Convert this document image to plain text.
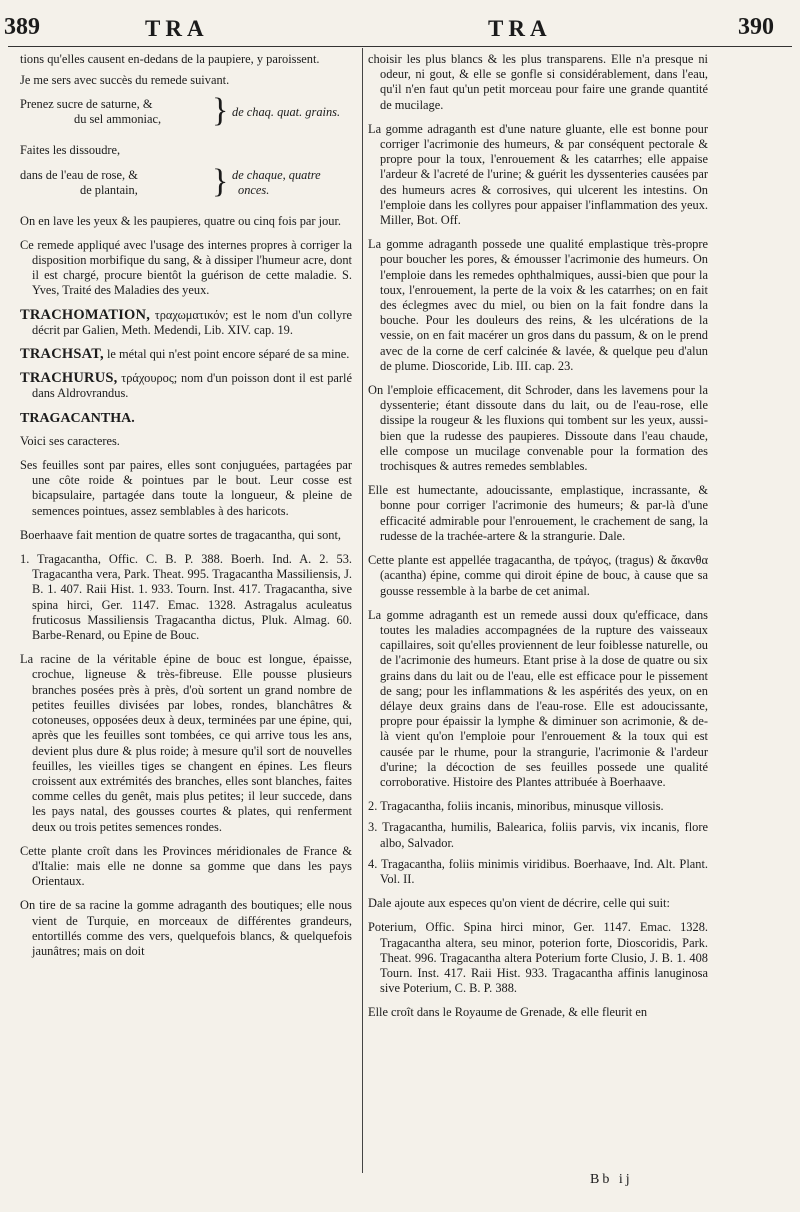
389	TRA	TRA	390

tions qu'elles causent en-dedans de la paupiere, y paroissent.

Je me sers avec succès du remede suivant.

Prenez sucre de saturne, &
du sel ammoniac,	} de chaq. quat. grains.

Faites les dissoudre,

dans de l'eau de rose, &
de plantain,	} de chaque, quatre
onces.

On en lave les yeux & les paupieres, quatre ou cinq fois par jour.

Ce remede appliqué avec l'usage des internes propres à corriger la disposition morbifique du sang, & à dissiper l'humeur acre, dont il est chargé, procure bientôt la guérison de cette maladie. S. Yves, Traité des Maladies des yeux.

TRACHOMATION, τραχωματικόν; est le nom d'un collyre décrit par Galien, Meth. Medendi, Lib. XIV. cap. 19.

TRACHSAT, le métal qui n'est point encore séparé de sa mine.

TRACHURUS, τράχουρος; nom d'un poisson dont il est parlé dans Aldrovrandus.

TRAGACANTHA.

Voici ses caracteres.

Ses feuilles sont par paires, elles sont conjuguées, partagées par une côte roide & pointues par le bout. Leur cosse est bicapsulaire, partagée dans toute la longueur, & pleine de semences pointues, assez semblables à des haricots.

Boerhaave fait mention de quatre sortes de tragacantha, qui sont,

1. Tragacantha, Offic. C. B. P. 388. Boerh. Ind. A. 2. 53. Tragacantha vera, Park. Theat. 995. Tragacantha Massiliensis, J. B. 1. 407. Raii Hist. 1. 933. Tourn. Inst. 417. Tragacantha, sive spina hirci, Ger. 1147. Emac. 1328. Astragalus aculeatus fruticosus Massiliensis Tragacantha dictus, Pluk. Almag. 60. Barbe-Renard, ou Epine de Bouc.

La racine de la véritable épine de bouc est longue, épaisse, crochue, ligneuse & très-fibreuse. Elle pousse plusieurs branches posées près à près, d'où sortent un grand nombre de petites feuilles divisées par lobes, rondes, blanchâtres & cotoneuses, opposées deux à deux, terminées par une épine, qui, après que les feuilles sont tombées, ce qui arrive tous les ans, devient plus dure & plus roide; à mesure qu'il sort de nouvelles feuilles, les vieilles tiges se changent en épines. Les fleurs croissent aux extrémités des branches, elles sont blanches, faites comme celles du genêt, mais plus petites; il leur succede, dans les pays natal, des gousses courtes & plates, qui renferment deux ou trois petites semences rondes.

Cette plante croît dans les Provinces méridionales de France & d'Italie: mais elle ne donne sa gomme que dans les pays Orientaux.

On tire de sa racine la gomme adraganth des boutiques; elle nous vient de Turquie, en morceaux de différentes grandeurs, entortillés comme des vers, quelquefois blancs, & quelquefois jaunâtres; mais on doit

choisir les plus blancs & les plus transparens. Elle n'a presque ni odeur, ni gout, & elle se gonfle si considérablement, dans l'eau, qu'il n'en faut qu'un petit morceau pour faire une grande quantité de mucilage.

La gomme adraganth est d'une nature gluante, elle est bonne pour corriger l'acrimonie des humeurs, & par conséquent pectorale & propre pour la toux, l'enrouement & les catarrhes; elle appaise l'ardeur & l'acreté de l'urine; & guérit les dyssenteries causées par des humeurs acres & corrosives, qui ulcerent les intestins. On l'emploie dans les collyres pour appaiser l'inflammation des yeux. Miller, Bot. Off.

La gomme adraganth possede une qualité emplastique très-propre pour boucher les pores, & émousser l'acrimonie des humeurs. On l'emploie dans les remedes ophthalmiques, aussi-bien que pour la toux, l'enrouement, la perte de la voix & les catarrhes; on en fait des éclegmes avec du miel, ou bien on la fait fondre dans la bouche. Pour les douleurs des reins, & les ulcérations de la vessie, on en fait macérer un gros dans du passum, & on le prend avec de la corne de cerf calcinée & lavée, & quelque peu d'alun de plume. Dioscoride, Lib. III. cap. 23.

On l'emploie efficacement, dit Schroder, dans les lavemens pour la dyssenterie; étant dissoute dans du lait, ou de l'eau-rose, elle dissipe la rougeur & les fluxions qui tombent sur les yeux, aussi-bien que la rudesse des paupieres. Dissoute dans l'eau chaude, elle compose un mucilage convenable pour la formation des trochisques & autres remedes semblables.

Elle est humectante, adoucissante, emplastique, incrassante, & bonne pour corriger l'acrimonie des humeurs; & par-là d'une efficacité admirable pour l'enrouement, le crachement de sang, la rudesse de la trachée-artere & la strangurie. Dale.

Cette plante est appellée tragacantha, de τράγος, (tragus) & ἄκανθα (acantha) épine, comme qui diroit épine de bouc, à cause que sa gousse ressemble à la barbe de cet animal.

La gomme adraganth est un remede aussi doux qu'efficace, dans toutes les maladies accompagnées de la rupture des vaisseaux capillaires, soit qu'elles proviennent de leur foiblesse naturelle, ou de l'acrimonie des humeurs. Etant prise à la dose de quatre ou six grains dans du lait ou de l'eau, elle est efficace pour le pissement de sang; pour les inflammations & les aspérités des yeux, on en délaye deux grains dans de l'eau-rose. Elle est adoucissante, propre pour épaissir la lymphe & diminuer son acrimonie, & de-là vient qu'on l'emploie pour l'enrouement & la toux qui est causée par le rhume, pour la strangurie, l'acrimonie & l'ardeur d'urine; la décoction de ses feuilles possede une qualité corroborative. Histoire des Plantes attribuée à Boerhaave.

2. Tragacantha, foliis incanis, minoribus, minusque villosis.

3. Tragacantha, humilis, Balearica, foliis parvis, vix incanis, flore albo, Salvador.

4. Tragacantha, foliis minimis viridibus. Boerhaave, Ind. Alt. Plant. Vol. II.

Dale ajoute aux especes qu'on vient de décrire, celle qui suit:

Poterium, Offic. Spina hirci minor, Ger. 1147. Emac. 1328. Tragacantha altera, seu minor, poterion forte, Dioscoridis, Park. Theat. 996. Tragacantha altera Poterium forte Clusio, J. B. 1. 408 Tourn. Inst. 417. Raii Hist. 933. Tragacantha affinis lanuginosa sive Poterium, C. B. P. 388.

Elle croît dans le Royaume de Grenade, & elle fleurit en

Bb ij
